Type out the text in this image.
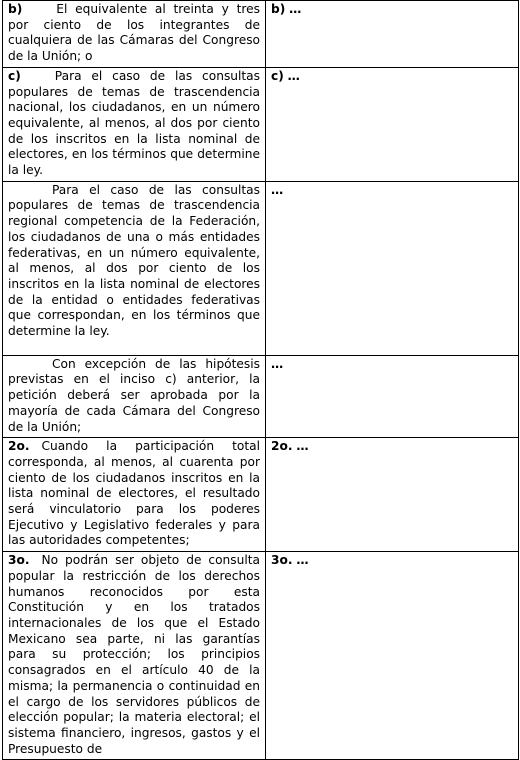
b) El equivalente al treinta y tres por ciento de los integrantes de cualquiera de las Cámaras del Congreso de la Unión; o	b) …
c) Para el caso de las consultas populares de temas de trascendencia nacional, los ciudadanos, en un número equivalente, al menos, al dos por ciento de los inscritos en la lista nominal de electores, en los términos que determine la ley.	c) …
Para el caso de las consultas populares de temas de trascendencia regional competencia de la Federación, los ciudadanos de una o más entidades federativas, en un número equivalente, al menos, al dos por ciento de los inscritos en la lista nominal de electores de la entidad o entidades federativas que correspondan, en los términos que determine la ley.	…
Con excepción de las hipótesis previstas en el inciso c) anterior, la petición deberá ser aprobada por la mayoría de cada Cámara del Congreso de la Unión;	…
2o. Cuando la participación total corresponda, al menos, al cuarenta por ciento de los ciudadanos inscritos en la lista nominal de electores, el resultado será vinculatorio para los poderes Ejecutivo y Legislativo federales y para las autoridades competentes;	2o. …
3o. No podrán ser objeto de consulta popular la restricción de los derechos humanos reconocidos por esta Constitución y en los tratados internacionales de los que el Estado Mexicano sea parte, ni las garantías para su protección; los principios consagrados en el artículo 40 de la misma; la permanencia o continuidad en el cargo de los servidores públicos de elección popular; la materia electoral; el sistema financiero, ingresos, gastos y el Presupuesto de	3o. …
